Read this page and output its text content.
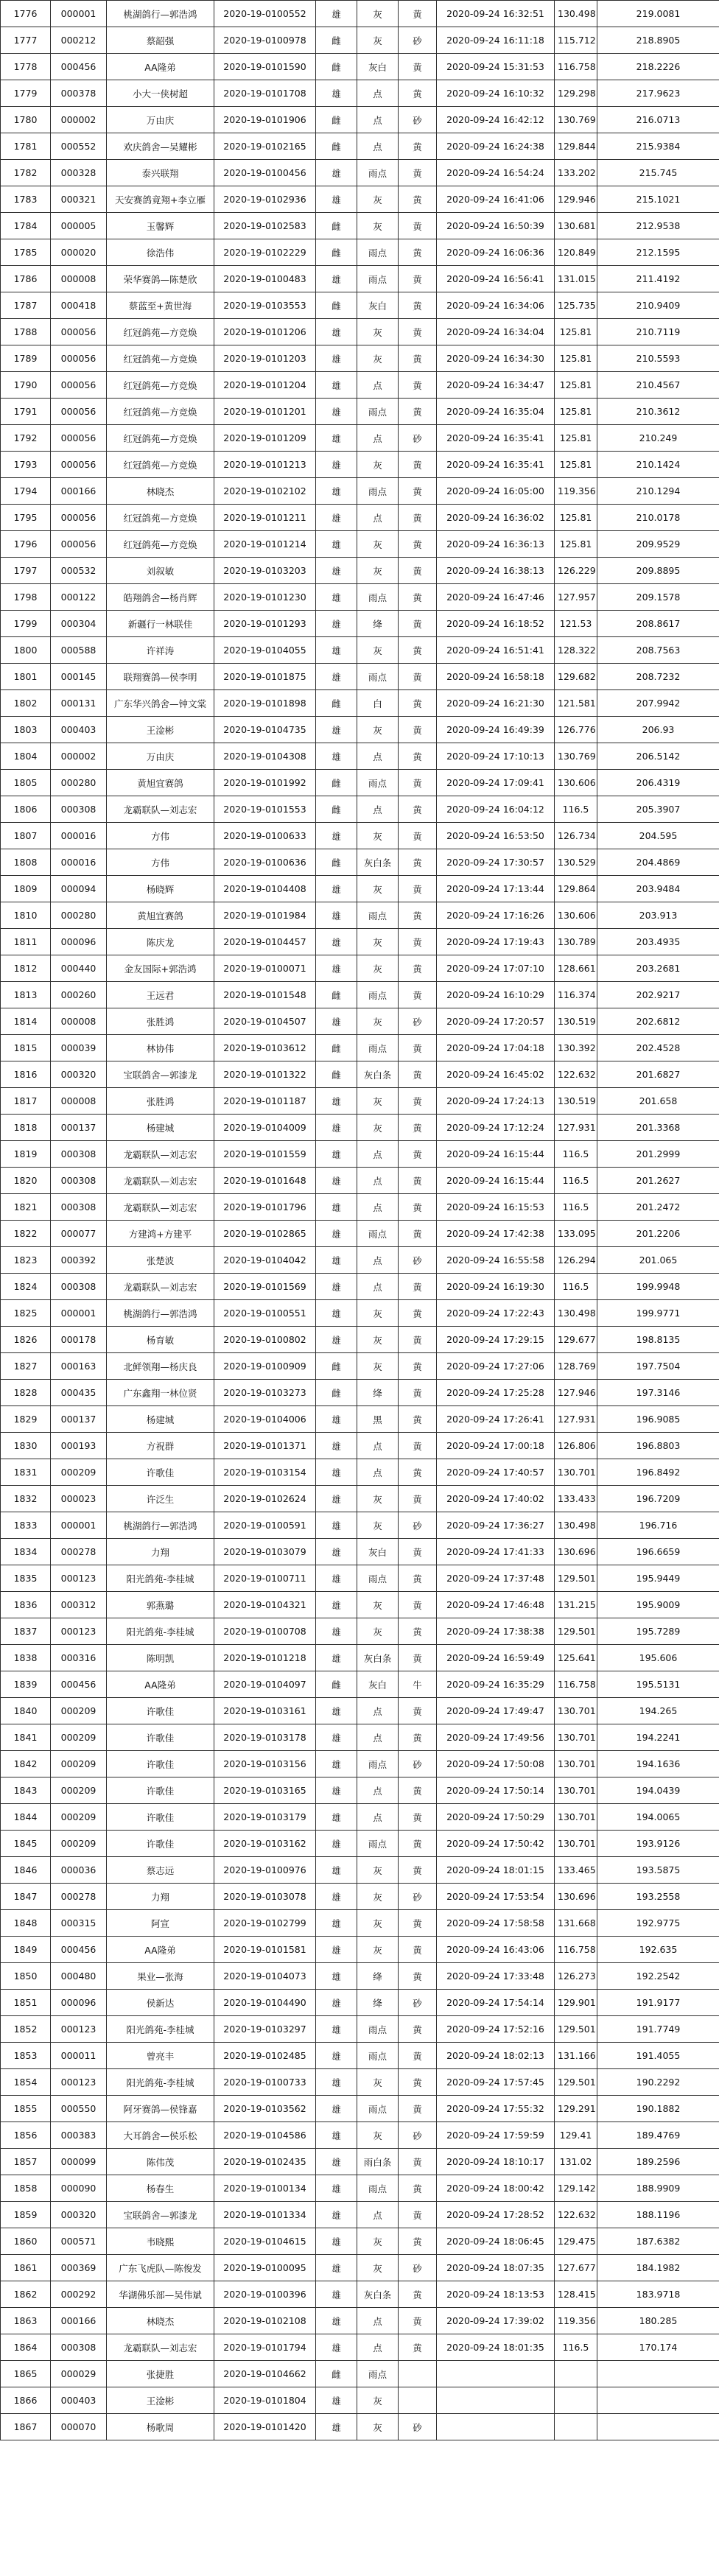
1776	000001	桃湖鸽行—郭浩鸿	2020-19-0100552	雄	灰	黄	2020-09-24 16:32:51	130.498	219.0081
1777	000212	蔡韶强	2020-19-0100978	雌	灰	砂	2020-09-24 16:11:18	115.712	218.8905
1778	000456	AA隆弟	2020-19-0101590	雌	灰白	黄	2020-09-24 15:31:53	116.758	218.2226
1779	000378	小大一侠树超	2020-19-0101708	雄	点	黄	2020-09-24 16:10:32	129.298	217.9623
1780	000002	万由庆	2020-19-0101906	雌	点	砂	2020-09-24 16:42:12	130.769	216.0713
1781	000552	欢庆鸽舍—吴耀彬	2020-19-0102165	雌	点	黄	2020-09-24 16:24:38	129.844	215.9384
1782	000328	泰兴联翔	2020-19-0100456	雄	雨点	黄	2020-09-24 16:54:24	133.202	215.745
1783	000321	天安赛鸽竟翔+李立雁	2020-19-0102936	雄	灰	黄	2020-09-24 16:41:06	129.946	215.1021
1784	000005	玉馨辉	2020-19-0102583	雌	灰	黄	2020-09-24 16:50:39	130.681	212.9538
1785	000020	徐浩伟	2020-19-0102229	雌	雨点	黄	2020-09-24 16:06:36	120.849	212.1595
1786	000008	荣华赛鸽—陈楚欣	2020-19-0100483	雄	雨点	黄	2020-09-24 16:56:41	131.015	211.4192
1787	000418	蔡蓝至+黄世海	2020-19-0103553	雌	灰白	黄	2020-09-24 16:34:06	125.735	210.9409
1788	000056	红冠鸽苑—方竞焕	2020-19-0101206	雄	灰	黄	2020-09-24 16:34:04	125.81	210.7119
1789	000056	红冠鸽苑—方竞焕	2020-19-0101203	雄	灰	黄	2020-09-24 16:34:30	125.81	210.5593
1790	000056	红冠鸽苑—方竞焕	2020-19-0101204	雄	点	黄	2020-09-24 16:34:47	125.81	210.4567
1791	000056	红冠鸽苑—方竞焕	2020-19-0101201	雄	雨点	黄	2020-09-24 16:35:04	125.81	210.3612
1792	000056	红冠鸽苑—方竞焕	2020-19-0101209	雄	点	砂	2020-09-24 16:35:41	125.81	210.249
1793	000056	红冠鸽苑—方竞焕	2020-19-0101213	雄	灰	黄	2020-09-24 16:35:41	125.81	210.1424
1794	000166	林晓杰	2020-19-0102102	雄	雨点	黄	2020-09-24 16:05:00	119.356	210.1294
1795	000056	红冠鸽苑—方竞焕	2020-19-0101211	雄	点	黄	2020-09-24 16:36:02	125.81	210.0178
1796	000056	红冠鸽苑—方竞焕	2020-19-0101214	雄	灰	黄	2020-09-24 16:36:13	125.81	209.9529
1797	000532	刘叙敏	2020-19-0103203	雄	灰	黄	2020-09-24 16:38:13	126.229	209.8895
1798	000122	皓翔鸽舍—杨肖辉	2020-19-0101230	雄	雨点	黄	2020-09-24 16:47:46	127.957	209.1578
1799	000304	新疆行一林联佳	2020-19-0101293	雄	绛	黄	2020-09-24 16:18:52	121.53	208.8617
1800	000588	许祥涛	2020-19-0104055	雄	灰	黄	2020-09-24 16:51:41	128.322	208.7563
1801	000145	联翔赛鸽—侯李明	2020-19-0101875	雄	雨点	黄	2020-09-24 16:58:18	129.682	208.7232
1802	000131	广东华兴鸽舍—钟文棠	2020-19-0101898	雌	白	黄	2020-09-24 16:21:30	121.581	207.9942
1803	000403	王淦彬	2020-19-0104735	雄	灰	黄	2020-09-24 16:49:39	126.776	206.93
1804	000002	万由庆	2020-19-0104308	雄	点	黄	2020-09-24 17:10:13	130.769	206.5142
1805	000280	黄旭宜赛鸽	2020-19-0101992	雌	雨点	黄	2020-09-24 17:09:41	130.606	206.4319
1806	000308	龙霸联队—刘志宏	2020-19-0101553	雌	点	黄	2020-09-24 16:04:12	116.5	205.3907
1807	000016	方伟	2020-19-0100633	雄	灰	黄	2020-09-24 16:53:50	126.734	204.595
1808	000016	方伟	2020-19-0100636	雌	灰白条	黄	2020-09-24 17:30:57	130.529	204.4869
1809	000094	杨晓辉	2020-19-0104408	雄	灰	黄	2020-09-24 17:13:44	129.864	203.9484
1810	000280	黄旭宜赛鸽	2020-19-0101984	雄	雨点	黄	2020-09-24 17:16:26	130.606	203.913
1811	000096	陈庆龙	2020-19-0104457	雄	灰	黄	2020-09-24 17:19:43	130.789	203.4935
1812	000440	金友国际+郭浩鸿	2020-19-0100071	雄	灰	黄	2020-09-24 17:07:10	128.661	203.2681
1813	000260	王远君	2020-19-0101548	雌	雨点	黄	2020-09-24 16:10:29	116.374	202.9217
1814	000008	张胜鸿	2020-19-0104507	雄	灰	砂	2020-09-24 17:20:57	130.519	202.6812
1815	000039	林协伟	2020-19-0103612	雌	雨点	黄	2020-09-24 17:04:18	130.392	202.4528
1816	000320	宝联鸽舍—郭漆龙	2020-19-0101322	雌	灰白条	黄	2020-09-24 16:45:02	122.632	201.6827
1817	000008	张胜鸿	2020-19-0101187	雄	灰	黄	2020-09-24 17:24:13	130.519	201.658
1818	000137	杨建城	2020-19-0104009	雄	灰	黄	2020-09-24 17:12:24	127.931	201.3368
1819	000308	龙霸联队—刘志宏	2020-19-0101559	雄	点	黄	2020-09-24 16:15:44	116.5	201.2999
1820	000308	龙霸联队—刘志宏	2020-19-0101648	雄	点	黄	2020-09-24 16:15:44	116.5	201.2627
1821	000308	龙霸联队—刘志宏	2020-19-0101796	雄	点	黄	2020-09-24 16:15:53	116.5	201.2472
1822	000077	方建鸿+方建平	2020-19-0102865	雄	雨点	黄	2020-09-24 17:42:38	133.095	201.2206
1823	000392	张楚波	2020-19-0104042	雄	点	砂	2020-09-24 16:55:58	126.294	201.065
1824	000308	龙霸联队—刘志宏	2020-19-0101569	雄	点	黄	2020-09-24 16:19:30	116.5	199.9948
1825	000001	桃湖鸽行—郭浩鸿	2020-19-0100551	雄	灰	黄	2020-09-24 17:22:43	130.498	199.9771
1826	000178	杨育敏	2020-19-0100802	雄	灰	黄	2020-09-24 17:29:15	129.677	198.8135
1827	000163	北鲜领翔—杨庆良	2020-19-0100909	雌	灰	黄	2020-09-24 17:27:06	128.769	197.7504
1828	000435	广东鑫翔一林位贤	2020-19-0103273	雌	绛	黄	2020-09-24 17:25:28	127.946	197.3146
1829	000137	杨建城	2020-19-0104006	雄	黑	黄	2020-09-24 17:26:41	127.931	196.9085
1830	000193	方祝群	2020-19-0101371	雄	点	黄	2020-09-24 17:00:18	126.806	196.8803
1831	000209	许歌佳	2020-19-0103154	雄	点	黄	2020-09-24 17:40:57	130.701	196.8492
1832	000023	许泛生	2020-19-0102624	雄	灰	黄	2020-09-24 17:40:02	133.433	196.7209
1833	000001	桃湖鸽行—郭浩鸿	2020-19-0100591	雄	灰	砂	2020-09-24 17:36:27	130.498	196.716
1834	000278	力翔	2020-19-0103079	雄	灰白	黄	2020-09-24 17:41:33	130.696	196.6659
1835	000123	阳光鸽苑-李桂城	2020-19-0100711	雄	雨点	黄	2020-09-24 17:37:48	129.501	195.9449
1836	000312	郭燕璐	2020-19-0104321	雄	灰	黄	2020-09-24 17:46:48	131.215	195.9009
1837	000123	阳光鸽苑-李桂城	2020-19-0100708	雄	灰	黄	2020-09-24 17:38:38	129.501	195.7289
1838	000316	陈明凯	2020-19-0101218	雄	灰白条	黄	2020-09-24 16:59:49	125.641	195.606
1839	000456	AA隆弟	2020-19-0104097	雌	灰白	牛	2020-09-24 16:35:29	116.758	195.5131
1840	000209	许歌佳	2020-19-0103161	雄	点	黄	2020-09-24 17:49:47	130.701	194.265
1841	000209	许歌佳	2020-19-0103178	雄	点	黄	2020-09-24 17:49:56	130.701	194.2241
1842	000209	许歌佳	2020-19-0103156	雄	雨点	砂	2020-09-24 17:50:08	130.701	194.1636
1843	000209	许歌佳	2020-19-0103165	雄	点	黄	2020-09-24 17:50:14	130.701	194.0439
1844	000209	许歌佳	2020-19-0103179	雄	点	黄	2020-09-24 17:50:29	130.701	194.0065
1845	000209	许歌佳	2020-19-0103162	雄	雨点	黄	2020-09-24 17:50:42	130.701	193.9126
1846	000036	蔡志远	2020-19-0100976	雄	灰	黄	2020-09-24 18:01:15	133.465	193.5875
1847	000278	力翔	2020-19-0103078	雄	灰	砂	2020-09-24 17:53:54	130.696	193.2558
1848	000315	阿宣	2020-19-0102799	雄	灰	黄	2020-09-24 17:58:58	131.668	192.9775
1849	000456	AA隆弟	2020-19-0101581	雄	灰	黄	2020-09-24 16:43:06	116.758	192.635
1850	000480	果业—张海	2020-19-0104073	雄	绛	黄	2020-09-24 17:33:48	126.273	192.2542
1851	000096	侯新达	2020-19-0104490	雄	绛	砂	2020-09-24 17:54:14	129.901	191.9177
1852	000123	阳光鸽苑-李桂城	2020-19-0103297	雄	雨点	黄	2020-09-24 17:52:16	129.501	191.7749
1853	000011	曾亮丰	2020-19-0102485	雄	雨点	黄	2020-09-24 18:02:13	131.166	191.4055
1854	000123	阳光鸽苑-李桂城	2020-19-0100733	雄	灰	黄	2020-09-24 17:57:45	129.501	190.2292
1855	000550	阿牙赛鸽—侯锋嘉	2020-19-0103562	雄	雨点	黄	2020-09-24 17:55:32	129.291	190.1882
1856	000383	大耳鸽舍—侯乐松	2020-19-0104586	雄	灰	砂	2020-09-24 17:59:59	129.41	189.4769
1857	000099	陈伟茂	2020-19-0102435	雄	雨白条	黄	2020-09-24 18:10:17	131.02	189.2596
1858	000090	杨春生	2020-19-0100134	雄	雨点	黄	2020-09-24 18:00:42	129.142	188.9909
1859	000320	宝联鸽舍—郭漆龙	2020-19-0101334	雄	点	黄	2020-09-24 17:28:52	122.632	188.1196
1860	000571	韦晓熙	2020-19-0104615	雄	灰	黄	2020-09-24 18:06:45	129.475	187.6382
1861	000369	广东飞虎队—陈俊发	2020-19-0100095	雄	灰	砂	2020-09-24 18:07:35	127.677	184.1982
1862	000292	华湖佛乐部—吴伟斌	2020-19-0100396	雄	灰白条	黄	2020-09-24 18:13:53	128.415	183.9718
1863	000166	林晓杰	2020-19-0102108	雄	点	黄	2020-09-24 17:39:02	119.356	180.285
1864	000308	龙霸联队—刘志宏	2020-19-0101794	雄	点	黄	2020-09-24 18:01:35	116.5	170.174
1865	000029	张捷胜	2020-19-0104662	雌	雨点				
1866	000403	王淦彬	2020-19-0101804	雄	灰				
1867	000070	杨歌周	2020-19-0101420	雄	灰	砂			
